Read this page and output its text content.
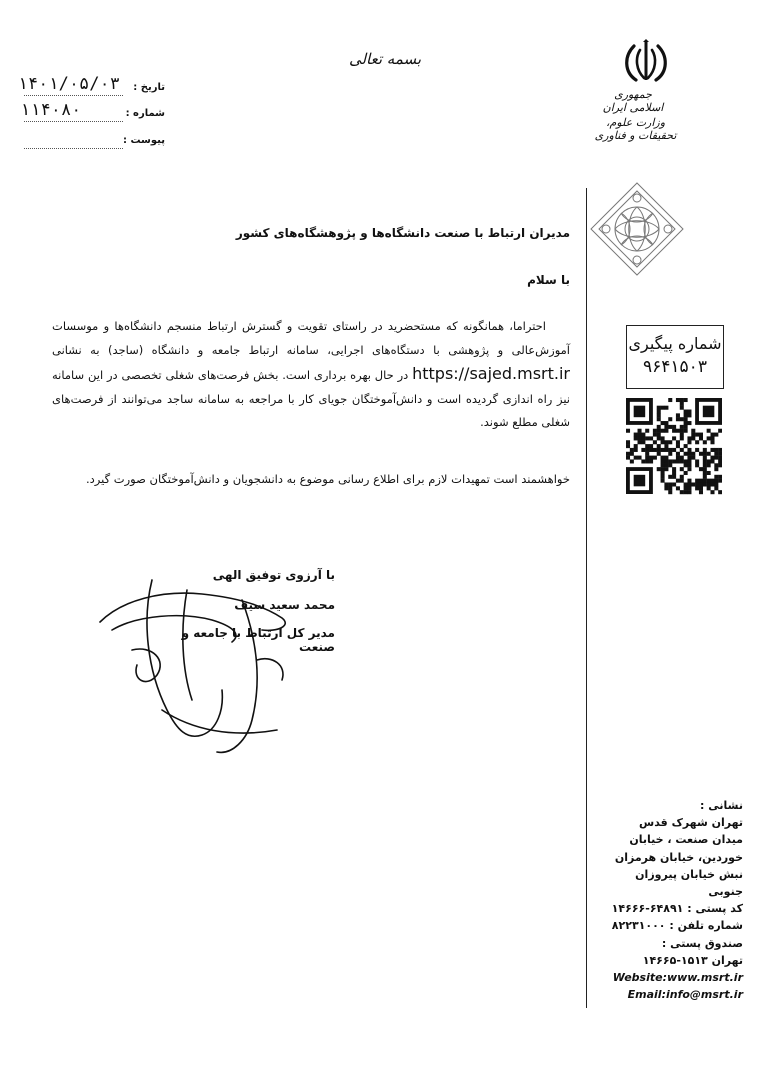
جمهوری اسلامی ایران
وزارت علوم، تحقیقات و فناوری
بسمه تعالی
۱۴۰۱/۰۵/۰۳ تاریخ :
۱۱۴۰۸۰	شماره :
پیوست :
شماره پیگیری
۹۶۴۱۵۰۳
مدیران ارتباط با صنعت دانشگاه‌ها و پژوهشگاه‌های کشور
با سلام
احتراما، همانگونه که مستحضرید در راستای تقویت و گسترش ارتباط منسجم دانشگاه‌ها و موسسات آموزش‌عالی و پژوهشی با دستگاه‌های اجرایی، سامانه ارتباط جامعه و دانشگاه (ساجد) به نشانی https://sajed.msrt.ir در حال بهره برداری است. بخش فرصت‌های شغلی تخصصی در این سامانه نیز راه اندازی گردیده است و دانش‌آموختگان جویای کار با مراجعه به سامانه ساجد می‌توانند از فرصت‌های شغلی مطلع شوند.
خواهشمند است تمهیدات لازم برای اطلاع رسانی موضوع به دانشجویان و دانش‌آموختگان صورت گیرد.
با آرزوی توفیق الهی
محمد سعید سیف
مدیر کل ارتباط با جامعه و صنعت
نشانی :
تهران شهرک قدس
میدان صنعت ، خیابان
خوردین، خیابان هرمزان
نبش خیابان پیروزان جنوبی
کد پستی : ۶۴۸۹۱-۱۴۶۶۶
شماره تلفن : ۸۲۲۳۱۰۰۰
صندوق پستی :
تهران ۱۵۱۳-۱۴۶۶۵
Website:www.msrt.ir
Email:info@msrt.ir
